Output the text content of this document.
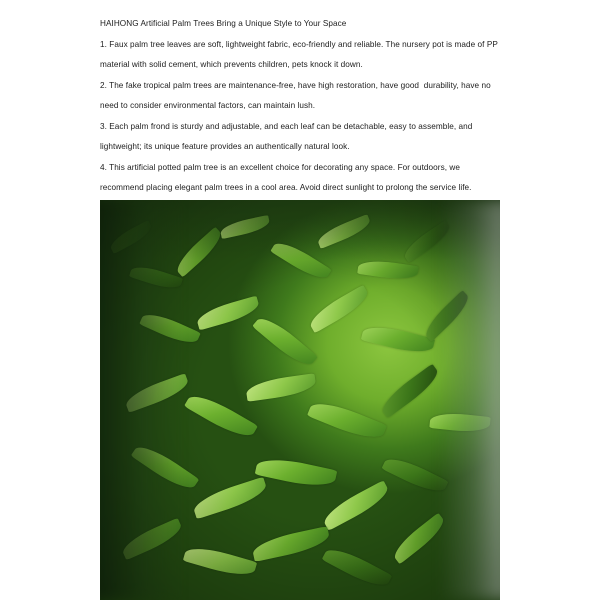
HAIHONG Artificial Palm Trees Bring a Unique Style to Your Space

1. Faux palm tree leaves are soft, lightweight fabric, eco-friendly and reliable. The nursery pot is made of PP material with solid cement, which prevents children, pets knock it down.

2. The fake tropical palm trees are maintenance-free, have high restoration, have good  durability, have no need to consider environmental factors, can maintain lush.

3. Each palm frond is sturdy and adjustable, and each leaf can be detachable, easy to assemble, and lightweight; its unique feature provides an authentically natural look.

4. This artificial potted palm tree is an excellent choice for decorating any space. For outdoors, we recommend placing elegant palm trees in a cool area. Avoid direct sunlight to prolong the service life.
